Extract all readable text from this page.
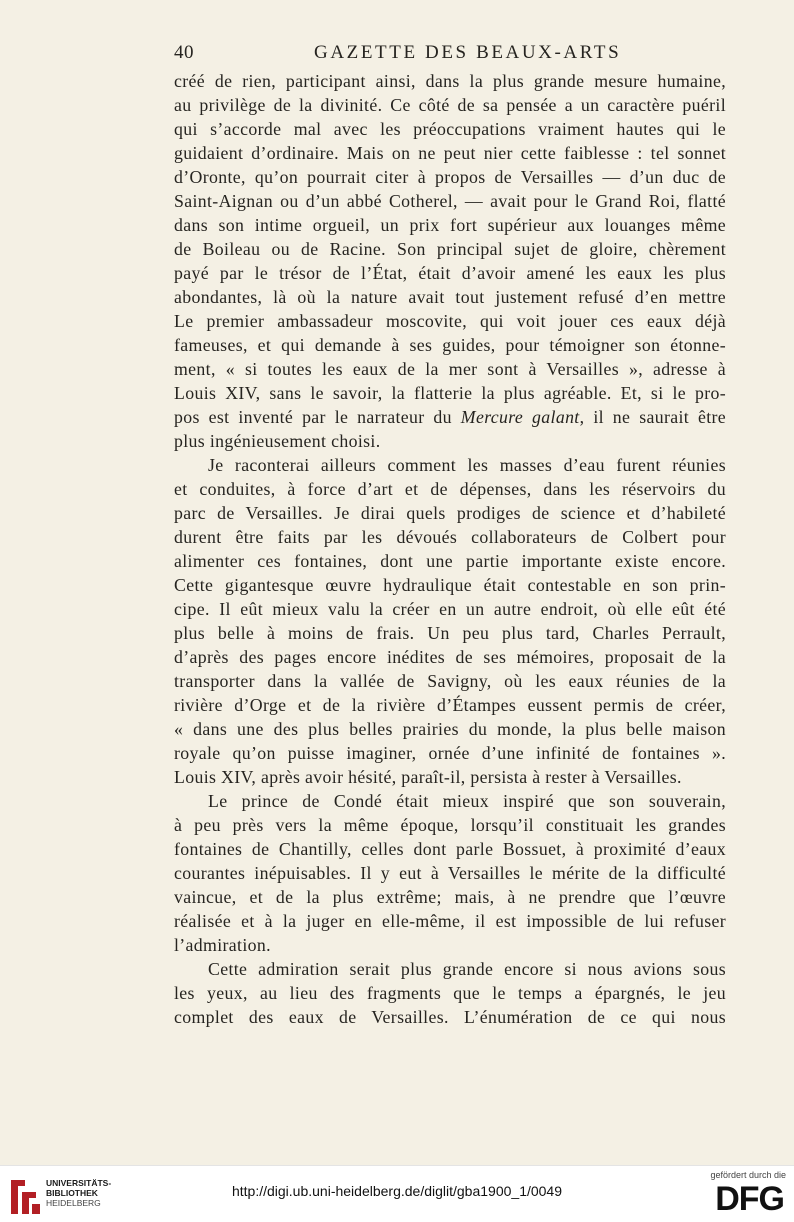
40	GAZETTE DES BEAUX-ARTS
créé de rien, participant ainsi, dans la plus grande mesure humaine,
au privilège de la divinité. Ce côté de sa pensée a un caractère puéril
qui s’accorde mal avec les préoccupations vraiment hautes qui le
guidaient d’ordinaire. Mais on ne peut nier cette faiblesse : tel sonnet
d’Oronte, qu’on pourrait citer à propos de Versailles — d’un duc de
Saint-Aignan ou d’un abbé Cotherel, — avait pour le Grand Roi, flatté
dans son intime orgueil, un prix fort supérieur aux louanges même
de Boileau ou de Racine. Son principal sujet de gloire, chèrement
payé par le trésor de l’État, était d’avoir amené les eaux les plus
abondantes, là où la nature avait tout justement refusé d’en mettre
Le premier ambassadeur moscovite, qui voit jouer ces eaux déjà
fameuses, et qui demande à ses guides, pour témoigner son étonne-
ment, « si toutes les eaux de la mer sont à Versailles », adresse à
Louis XIV, sans le savoir, la flatterie la plus agréable. Et, si le pro-
pos est inventé par le narrateur du Mercure galant, il ne saurait être
plus ingénieusement choisi.
Je raconterai ailleurs comment les masses d’eau furent réunies
et conduites, à force d’art et de dépenses, dans les réservoirs du
parc de Versailles. Je dirai quels prodiges de science et d’habileté
durent être faits par les dévoués collaborateurs de Colbert pour
alimenter ces fontaines, dont une partie importante existe encore.
Cette gigantesque œuvre hydraulique était contestable en son prin-
cipe. Il eût mieux valu la créer en un autre endroit, où elle eût été
plus belle à moins de frais. Un peu plus tard, Charles Perrault,
d’après des pages encore inédites de ses mémoires, proposait de la
transporter dans la vallée de Savigny, où les eaux réunies de la
rivière d’Orge et de la rivière d’Étampes eussent permis de créer,
« dans une des plus belles prairies du monde, la plus belle maison
royale qu’on puisse imaginer, ornée d’une infinité de fontaines ».
Louis XIV, après avoir hésité, paraît-il, persista à rester à Versailles.
Le prince de Condé était mieux inspiré que son souverain,
à peu près vers la même époque, lorsqu’il constituait les grandes
fontaines de Chantilly, celles dont parle Bossuet, à proximité d’eaux
courantes inépuisables. Il y eut à Versailles le mérite de la difficulté
vaincue, et de la plus extrême; mais, à ne prendre que l’œuvre
réalisée et à la juger en elle-même, il est impossible de lui refuser
l’admiration.
Cette admiration serait plus grande encore si nous avions sous
les yeux, au lieu des fragments que le temps a épargnés, le jeu
complet des eaux de Versailles. L’énumération de ce qui nous
UNIVERSITÄTS-
BIBLIOTHEK
HEIDELBERG
http://digi.ub.uni-heidelberg.de/diglit/gba1900_1/0049
gefördert durch die
DFG
